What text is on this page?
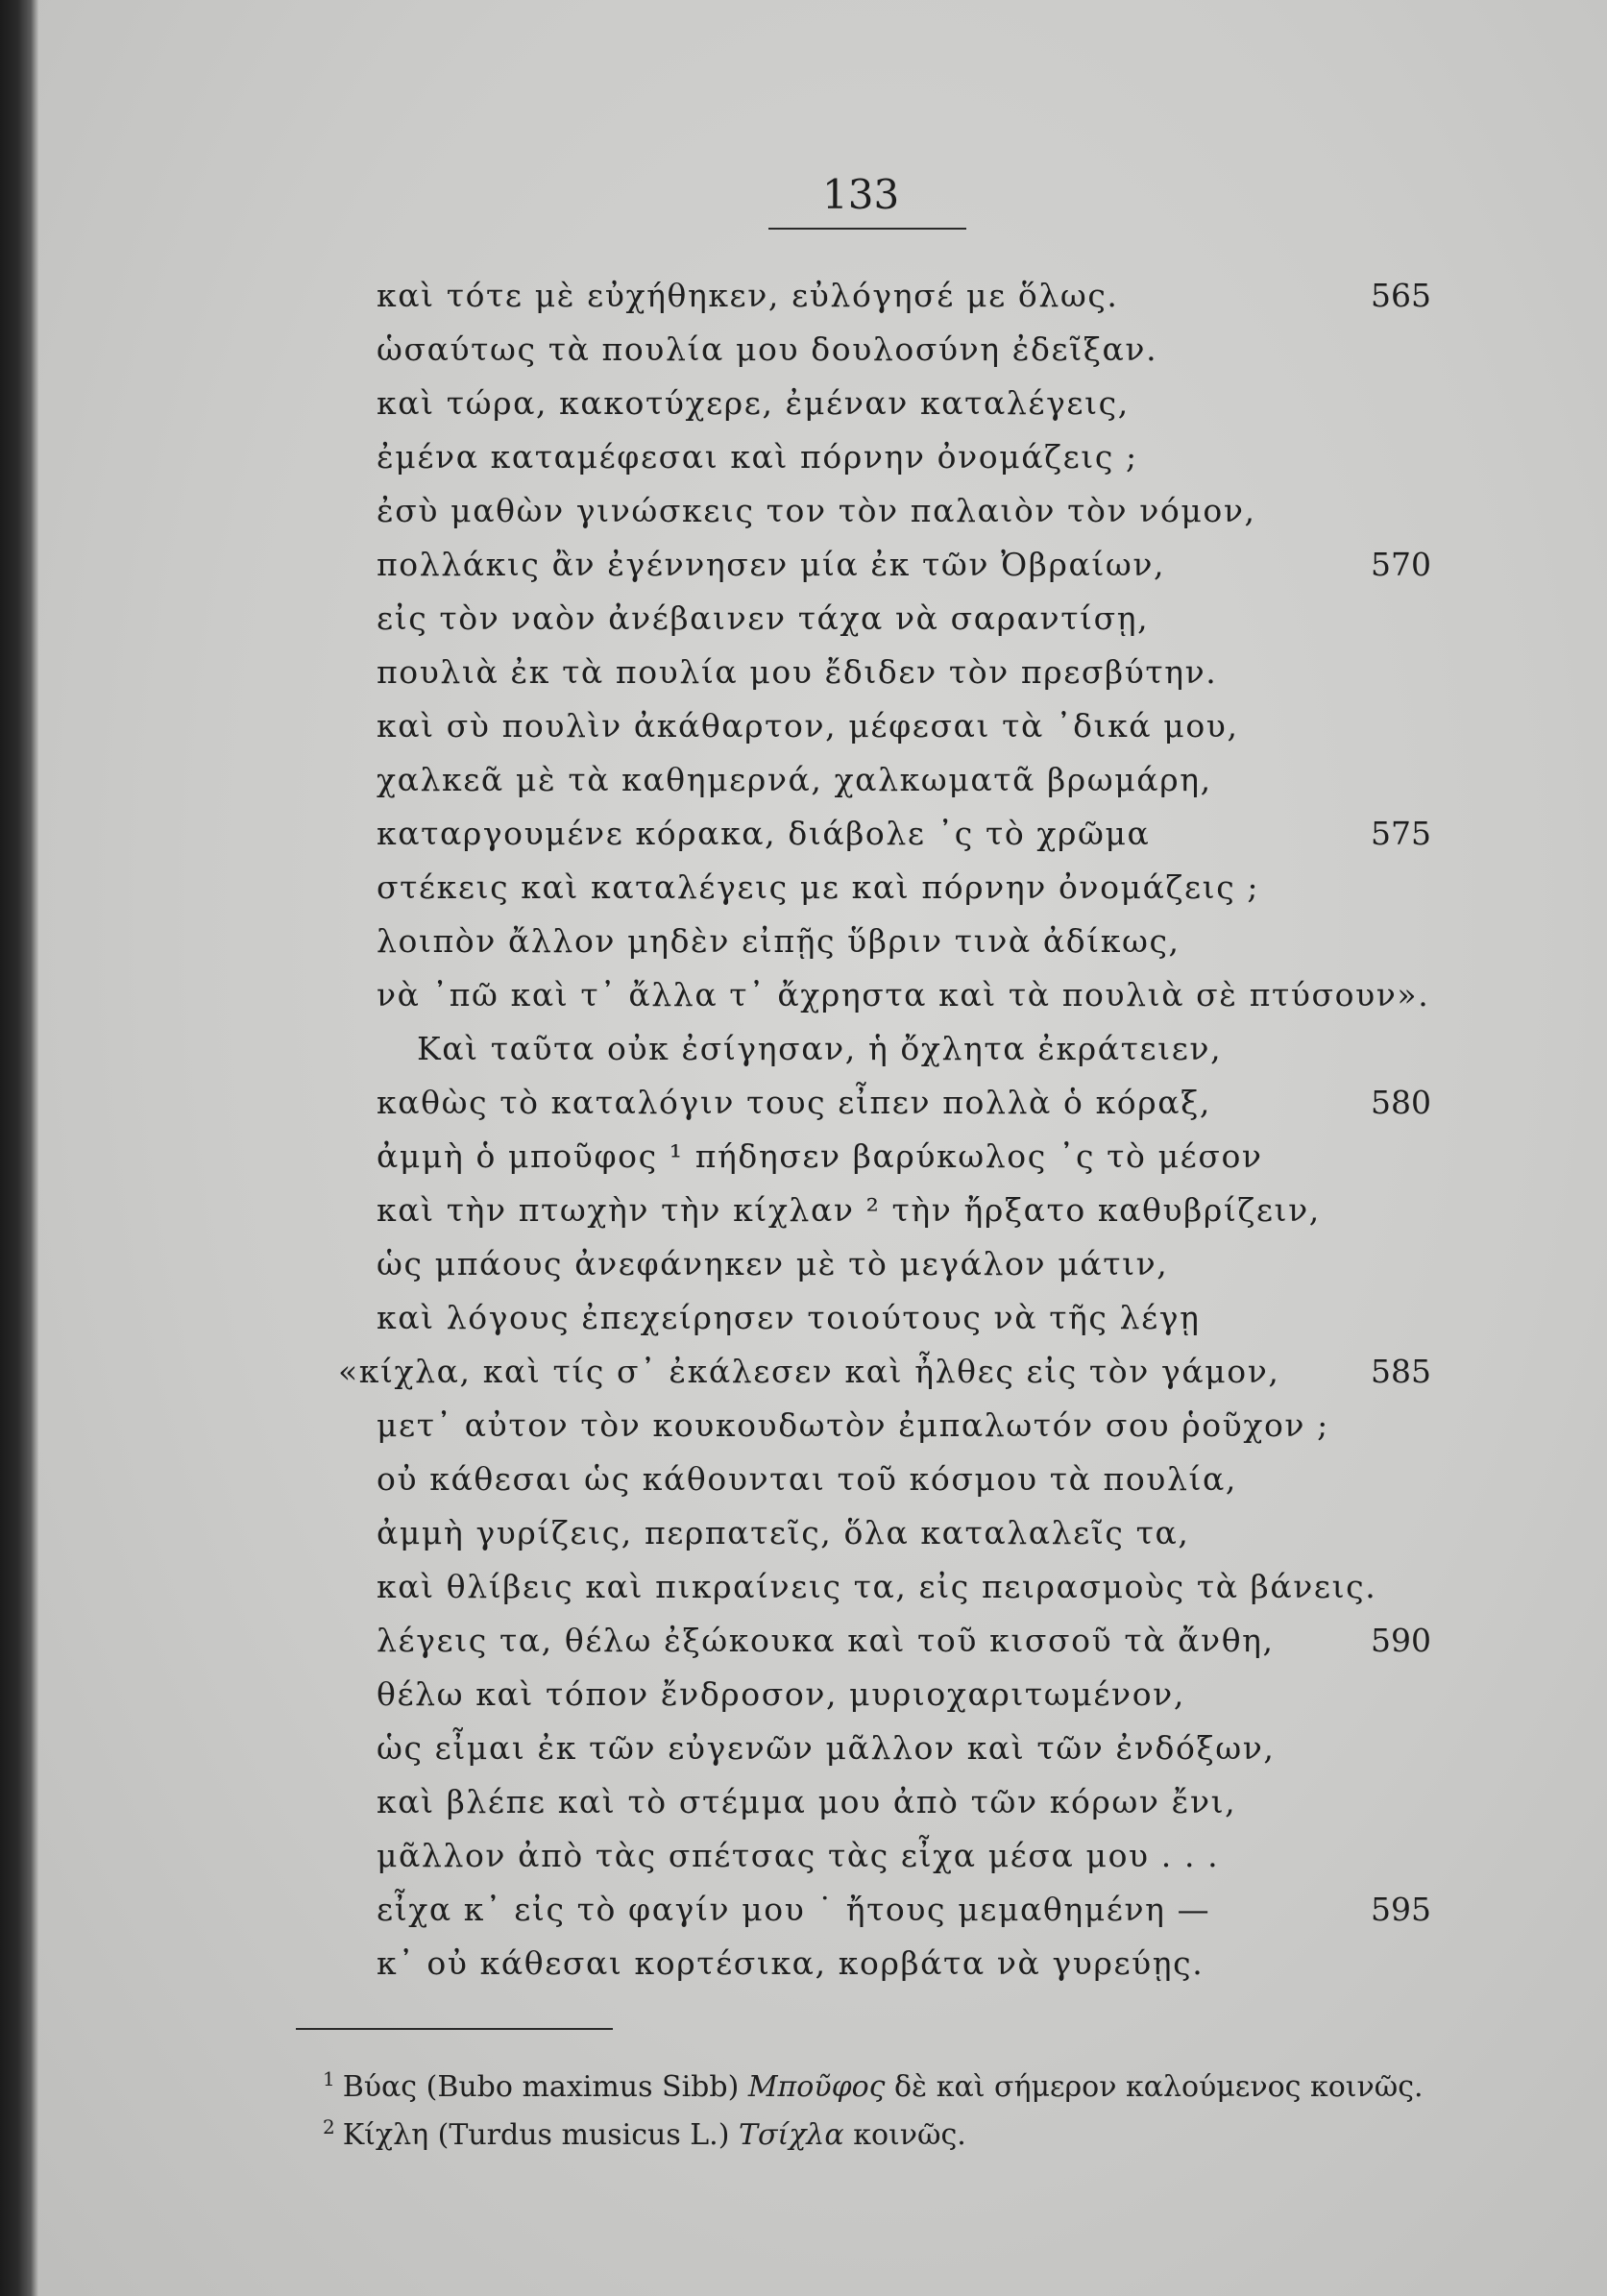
133
καὶ τότε μὲ εὐχήθηκεν, εὐλόγησέ με ὅλως.	565
ὡσαύτως τὰ πουλία μου δουλοσύνη ἐδεῖξαν.
καὶ τώρα, κακοτύχερε, ἐμέναν καταλέγεις,
ἐμένα καταμέφεσαι καὶ πόρνην ὀνομάζεις ;
ἐσὺ μαθὼν γινώσκεις τον τὸν παλαιὸν τὸν νόμον,
πολλάκις ἂν ἐγέννησεν μία ἐκ τῶν Ὀβραίων,	570
εἰς τὸν ναὸν ἀνέβαινεν τάχα νὰ σαραντίσῃ,
πουλιὰ ἐκ τὰ πουλία μου ἔδιδεν τὸν πρεσβύτην.
καὶ σὺ πουλὶν ἀκάθαρτον, μέφεσαι τὰ ᾿δικά μου,
χαλκεᾶ μὲ τὰ καθημερνά, χαλκωματᾶ βρωμάρη,
καταργουμένε κόρακα, διάβολε ᾿ς τὸ χρῶμα	575
στέκεις καὶ καταλέγεις με καὶ πόρνην ὀνομάζεις ;
λοιπὸν ἄλλον μηδὲν εἰπῇς ὕβριν τινὰ ἀδίκως,
νὰ ᾿πῶ καὶ τ᾿ ἄλλα τ᾿ ἄχρηστα καὶ τὰ πουλιὰ σὲ πτύσουν».
Καὶ ταῦτα οὐκ ἐσίγησαν, ἡ ὄχλητα ἐκράτειεν,
καθὼς τὸ καταλόγιν τους εἶπεν πολλὰ ὁ κόραξ,	580
ἀμμὴ ὁ μποῦφος ¹ πήδησεν βαρύκωλος ᾿ς τὸ μέσον
καὶ τὴν πτωχὴν τὴν κίχλαν ² τὴν ἤρξατο καθυβρίζειν,
ὡς μπάους ἀνεφάνηκεν μὲ τὸ μεγάλον μάτιν,
καὶ λόγους ἐπεχείρησεν τοιούτους νὰ τῆς λέγῃ
«κίχλα, καὶ τίς σ᾿ ἐκάλεσεν καὶ ἦλθες εἰς τὸν γάμον,	585
μετ᾿ αὐτον τὸν κουκουδωτὸν ἐμπαλωτόν σου ῥοῦχον ;
οὐ κάθεσαι ὡς κάθουνται τοῦ κόσμου τὰ πουλία,
ἀμμὴ γυρίζεις, περπατεῖς, ὅλα καταλαλεῖς τα,
καὶ θλίβεις καὶ πικραίνεις τα, εἰς πειρασμοὺς τὰ βάνεις.
λέγεις τα, θέλω ἐξώκουκα καὶ τοῦ κισσοῦ τὰ ἄνθη,	590
θέλω καὶ τόπον ἔνδροσον, μυριοχαριτωμένον,
ὡς εἶμαι ἐκ τῶν εὐγενῶν μᾶλλον καὶ τῶν ἐνδόξων,
καὶ βλέπε καὶ τὸ στέμμα μου ἀπὸ τῶν κόρων ἔνι,
μᾶλλον ἀπὸ τὰς σπέτσας τὰς εἶχα μέσα μου . . .
εἶχα κ᾿ εἰς τὸ φαγίν μου ˙ ἤτους μεμαθημένη —	595
κ᾿ οὐ κάθεσαι κορτέσικα, κορβάτα νὰ γυρεύῃς.
$^1$ Βύας (Bubo maximus Sibb) Μποῦφος δὲ καὶ σήμερον καλούμενος κοινῶς.
$^2$ Κίχλη (Turdus musicus L.) Τσίχλα κοινῶς.
